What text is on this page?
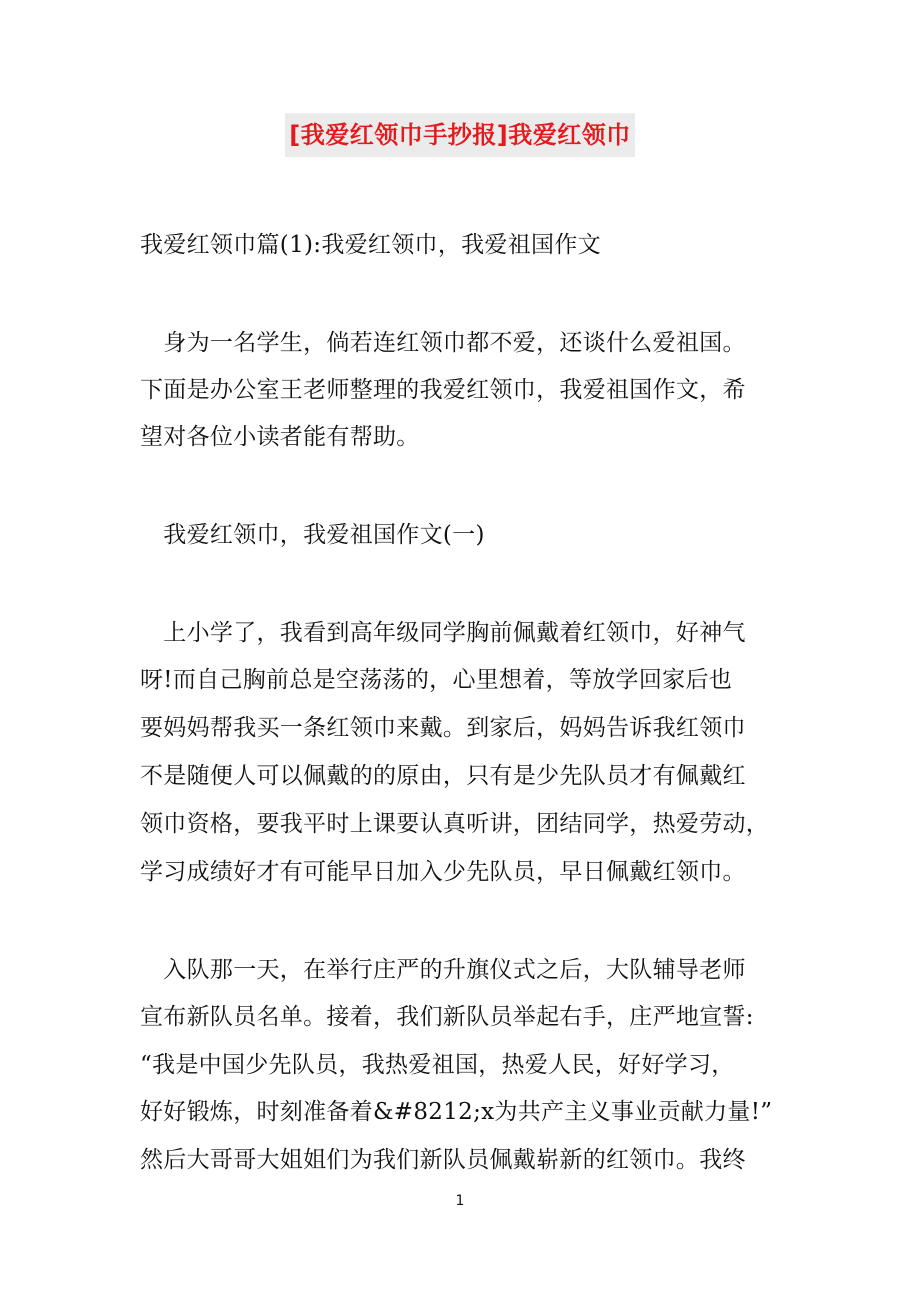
[我爱红领巾手抄报]我爱红领巾
我爱红领巾篇(1):我爱红领巾，我爱祖国作文
　身为一名学生，倘若连红领巾都不爱，还谈什么爱祖国。
下面是办公室王老师整理的我爱红领巾，我爱祖国作文，希
望对各位小读者能有帮助。
　我爱红领巾，我爱祖国作文(一)
　上小学了，我看到高年级同学胸前佩戴着红领巾，好神气
呀!而自己胸前总是空荡荡的，心里想着，等放学回家后也
要妈妈帮我买一条红领巾来戴。到家后，妈妈告诉我红领巾
不是随便人可以佩戴的的原由，只有是少先队员才有佩戴红
领巾资格，要我平时上课要认真听讲，团结同学，热爱劳动，
学习成绩好才有可能早日加入少先队员，早日佩戴红领巾。
　入队那一天，在举行庄严的升旗仪式之后，大队辅导老师
宣布新队员名单。接着，我们新队员举起右手，庄严地宣誓:
“我是中国少先队员，我热爱祖国，热爱人民，好好学习，
好好锻炼，时刻准备着&#8212;x为共产主义事业贡献力量!”
然后大哥哥大姐姐们为我们新队员佩戴崭新的红领巾。我终
1
